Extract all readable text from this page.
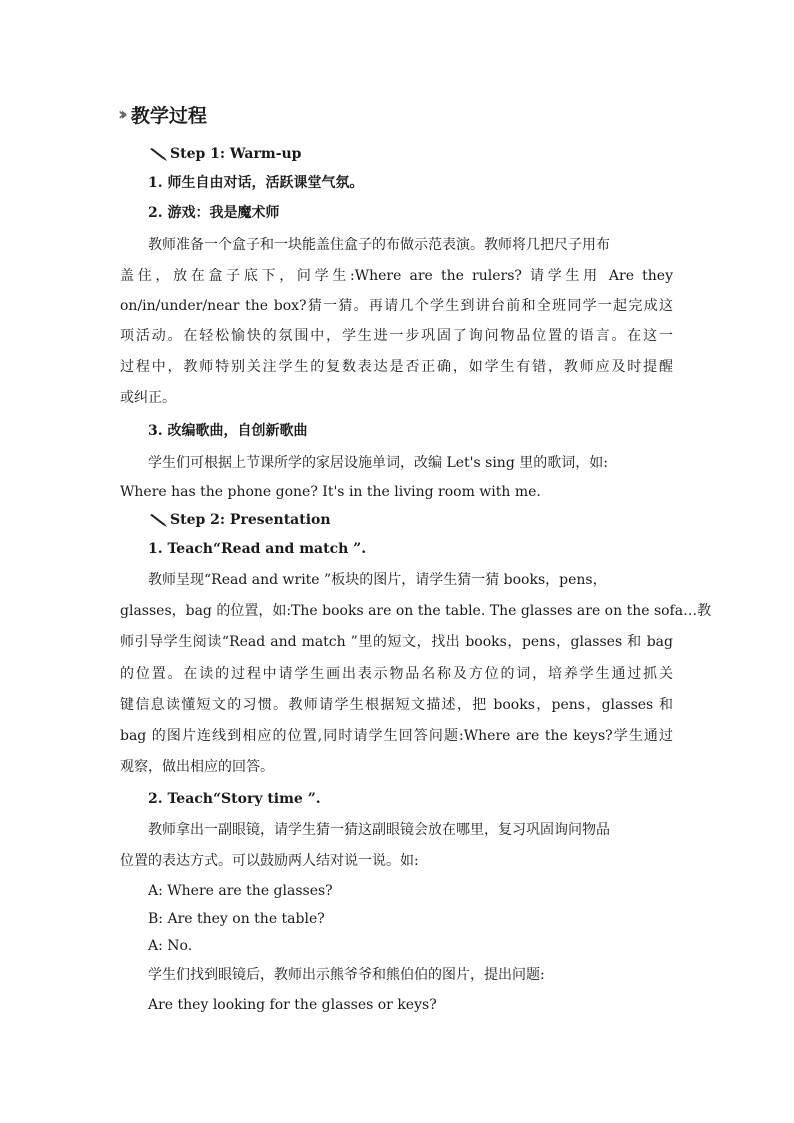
›› 教学过程
Step 1: Warm-up
1. 师生自由对话，活跃课堂气氛。
2. 游戏：我是魔术师
教师准备一个盒子和一块能盖住盒子的布做示范表演。教师将几把尺子用布
盖住，放在盒子底下，问学生:Where are the rulers? 请学生用 Are they
on/in/under/near the box?猜一猜。再请几个学生到讲台前和全班同学一起完成这
项活动。在轻松愉快的氛围中，学生进一步巩固了询问物品位置的语言。在这一
过程中，教师特别关注学生的复数表达是否正确，如学生有错，教师应及时提醒
或纠正。
3. 改编歌曲，自创新歌曲
学生们可根据上节课所学的家居设施单词，改编 Let's sing 里的歌词，如:
Where has the phone gone? It's in the living room with me.
Step 2: Presentation
1. Teach“Read and match ”.
教师呈现“Read and write ”板块的图片，请学生猜一猜 books，pens，
glasses，bag 的位置，如:The books are on the table. The glasses are on the sofa…教
师引导学生阅读“Read and match ”里的短文，找出 books，pens，glasses 和 bag
的位置。在读的过程中请学生画出表示物品名称及方位的词，培养学生通过抓关
键信息读懂短文的习惯。教师请学生根据短文描述，把 books，pens，glasses 和
bag 的图片连线到相应的位置,同时请学生回答问题:Where are the keys?学生通过
观察，做出相应的回答。
2. Teach“Story time ”.
教师拿出一副眼镜，请学生猜一猜这副眼镜会放在哪里，复习巩固询问物品
位置的表达方式。可以鼓励两人结对说一说。如:
A: Where are the glasses?
B: Are they on the table?
A: No.
学生们找到眼镜后，教师出示熊爷爷和熊伯伯的图片，提出问题:
Are they looking for the glasses or keys?
